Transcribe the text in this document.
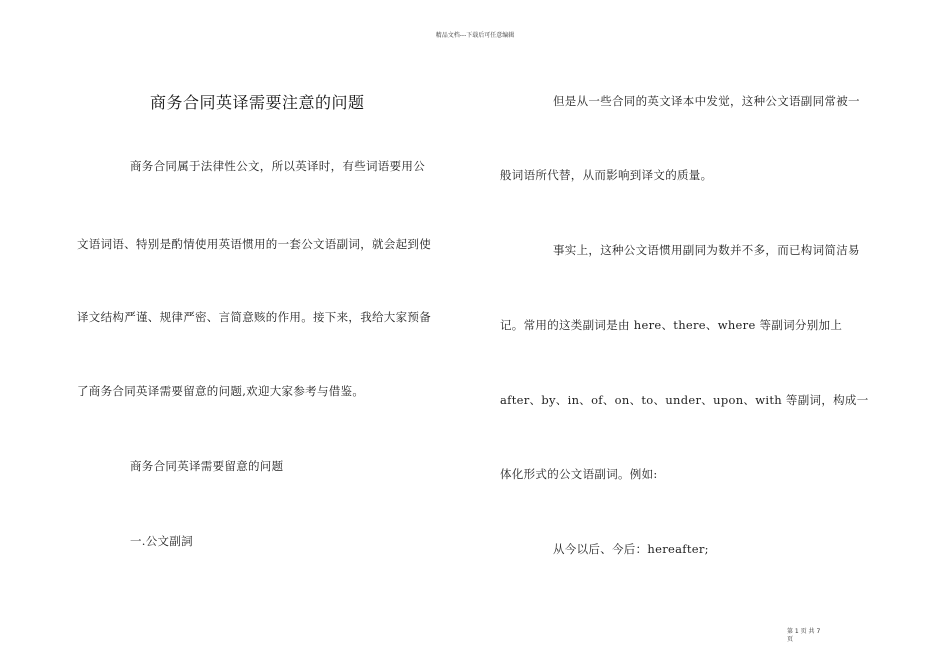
精品文档---下载后可任意编辑
商务合同英译需要注意的问题
商务合同属于法律性公文，所以英译时，有些词语要用公
文语词语、特别是酌情使用英语惯用的一套公文语副词，就会起到使
译文结构严谨、规律严密、言简意赅的作用。接下来，我给大家预备
了商务合同英译需要留意的问题,欢迎大家参考与借鉴。
商务合同英译需要留意的问题
一.公文副詞
但是从一些合同的英文译本中发觉，这种公文语副同常被一
般词语所代替，从而影响到译文的质量。
事实上，这种公文语惯用副同为数并不多，而已构词简洁易
记。常用的这类副词是由 here、there、where 等副词分别加上
after、by、in、of、on、to、under、upon、with 等副词，构成一
体化形式的公文语副词。例如:
从今以后、今后：hereafter;
第 1 页 共 7
页
